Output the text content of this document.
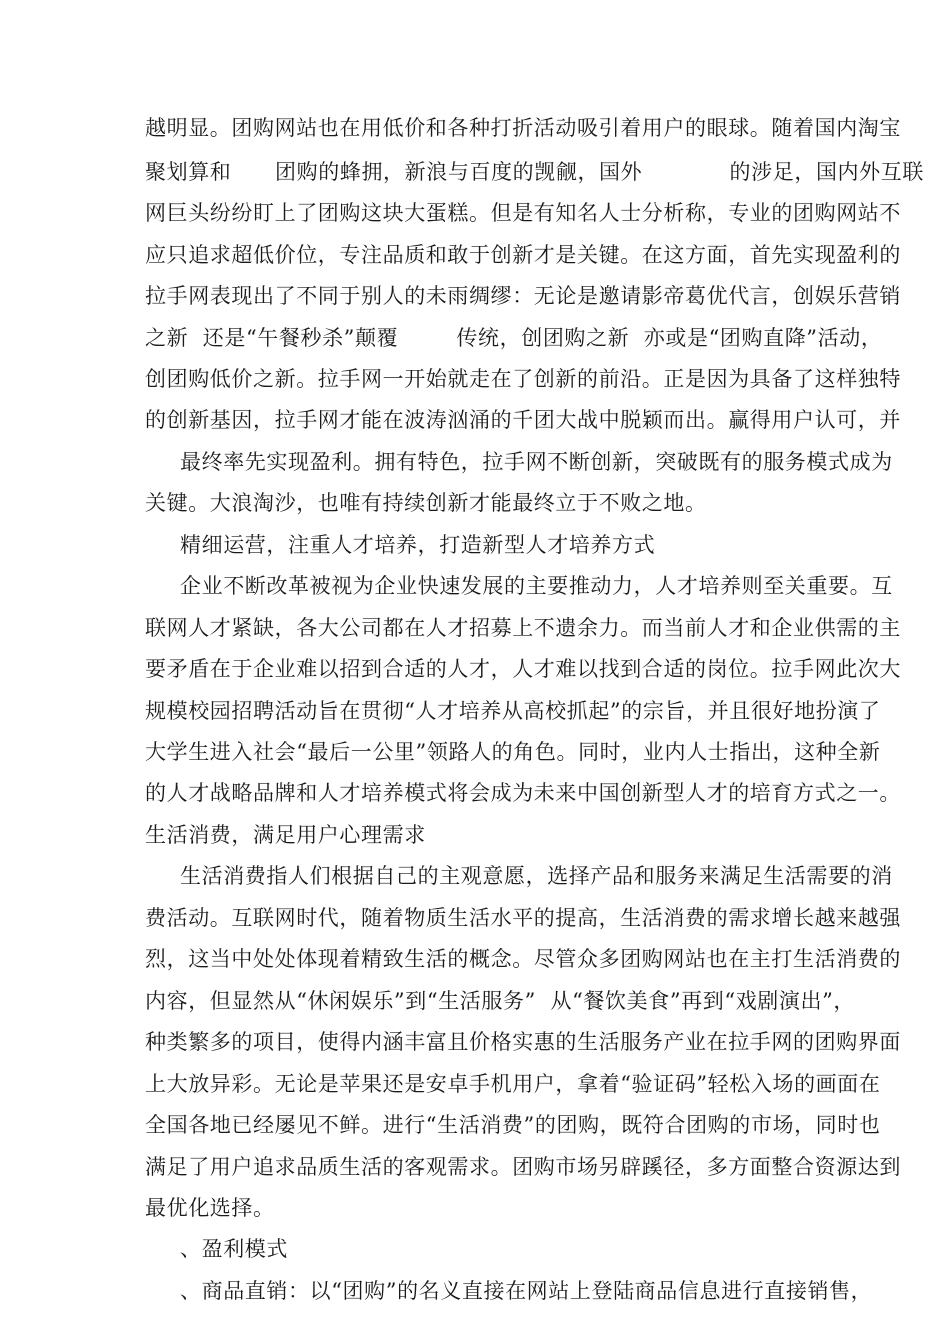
越明显。团购网站也在用低价和各种打折活动吸引着用户的眼球。随着国内淘宝
聚划算和      团购的蜂拥，新浪与百度的觊觎，国外            的涉足，国内外互联
网巨头纷纷盯上了团购这块大蛋糕。但是有知名人士分析称，专业的团购网站不
应只追求超低价位，专注品质和敢于创新才是关键。在这方面，首先实现盈利的
拉手网表现出了不同于别人的未雨绸缪：无论是邀请影帝葛优代言，创娱乐营销
之新  还是“午餐秒杀”颠覆        传统，创团购之新  亦或是“团购直降”活动，
创团购低价之新。拉手网一开始就走在了创新的前沿。正是因为具备了这样独特
的创新基因，拉手网才能在波涛汹涌的千团大战中脱颖而出。赢得用户认可，并
最终率先实现盈利。拥有特色，拉手网不断创新，突破既有的服务模式成为
关键。大浪淘沙，也唯有持续创新才能最终立于不败之地。
精细运营，注重人才培养，打造新型人才培养方式
企业不断改革被视为企业快速发展的主要推动力，人才培养则至关重要。互
联网人才紧缺，各大公司都在人才招募上不遗余力。而当前人才和企业供需的主
要矛盾在于企业难以招到合适的人才，人才难以找到合适的岗位。拉手网此次大
规模校园招聘活动旨在贯彻“人才培养从高校抓起”的宗旨，并且很好地扮演了
大学生进入社会“最后一公里”领路人的角色。同时，业内人士指出，这种全新
的人才战略品牌和人才培养模式将会成为未来中国创新型人才的培育方式之一。
生活消费，满足用户心理需求
生活消费指人们根据自己的主观意愿，选择产品和服务来满足生活需要的消
费活动。互联网时代，随着物质生活水平的提高，生活消费的需求增长越来越强
烈，这当中处处体现着精致生活的概念。尽管众多团购网站也在主打生活消费的
内容，但显然从“休闲娱乐”到“生活服务”  从“餐饮美食”再到“戏剧演出”，
种类繁多的项目，使得内涵丰富且价格实惠的生活服务产业在拉手网的团购界面
上大放异彩。无论是苹果还是安卓手机用户，拿着“验证码”轻松入场的画面在
全国各地已经屡见不鲜。进行“生活消费”的团购，既符合团购的市场，同时也
满足了用户追求品质生活的客观需求。团购市场另辟蹊径，多方面整合资源达到
最优化选择。
、盈利模式
、商品直销：以“团购”的名义直接在网站上登陆商品信息进行直接销售，
